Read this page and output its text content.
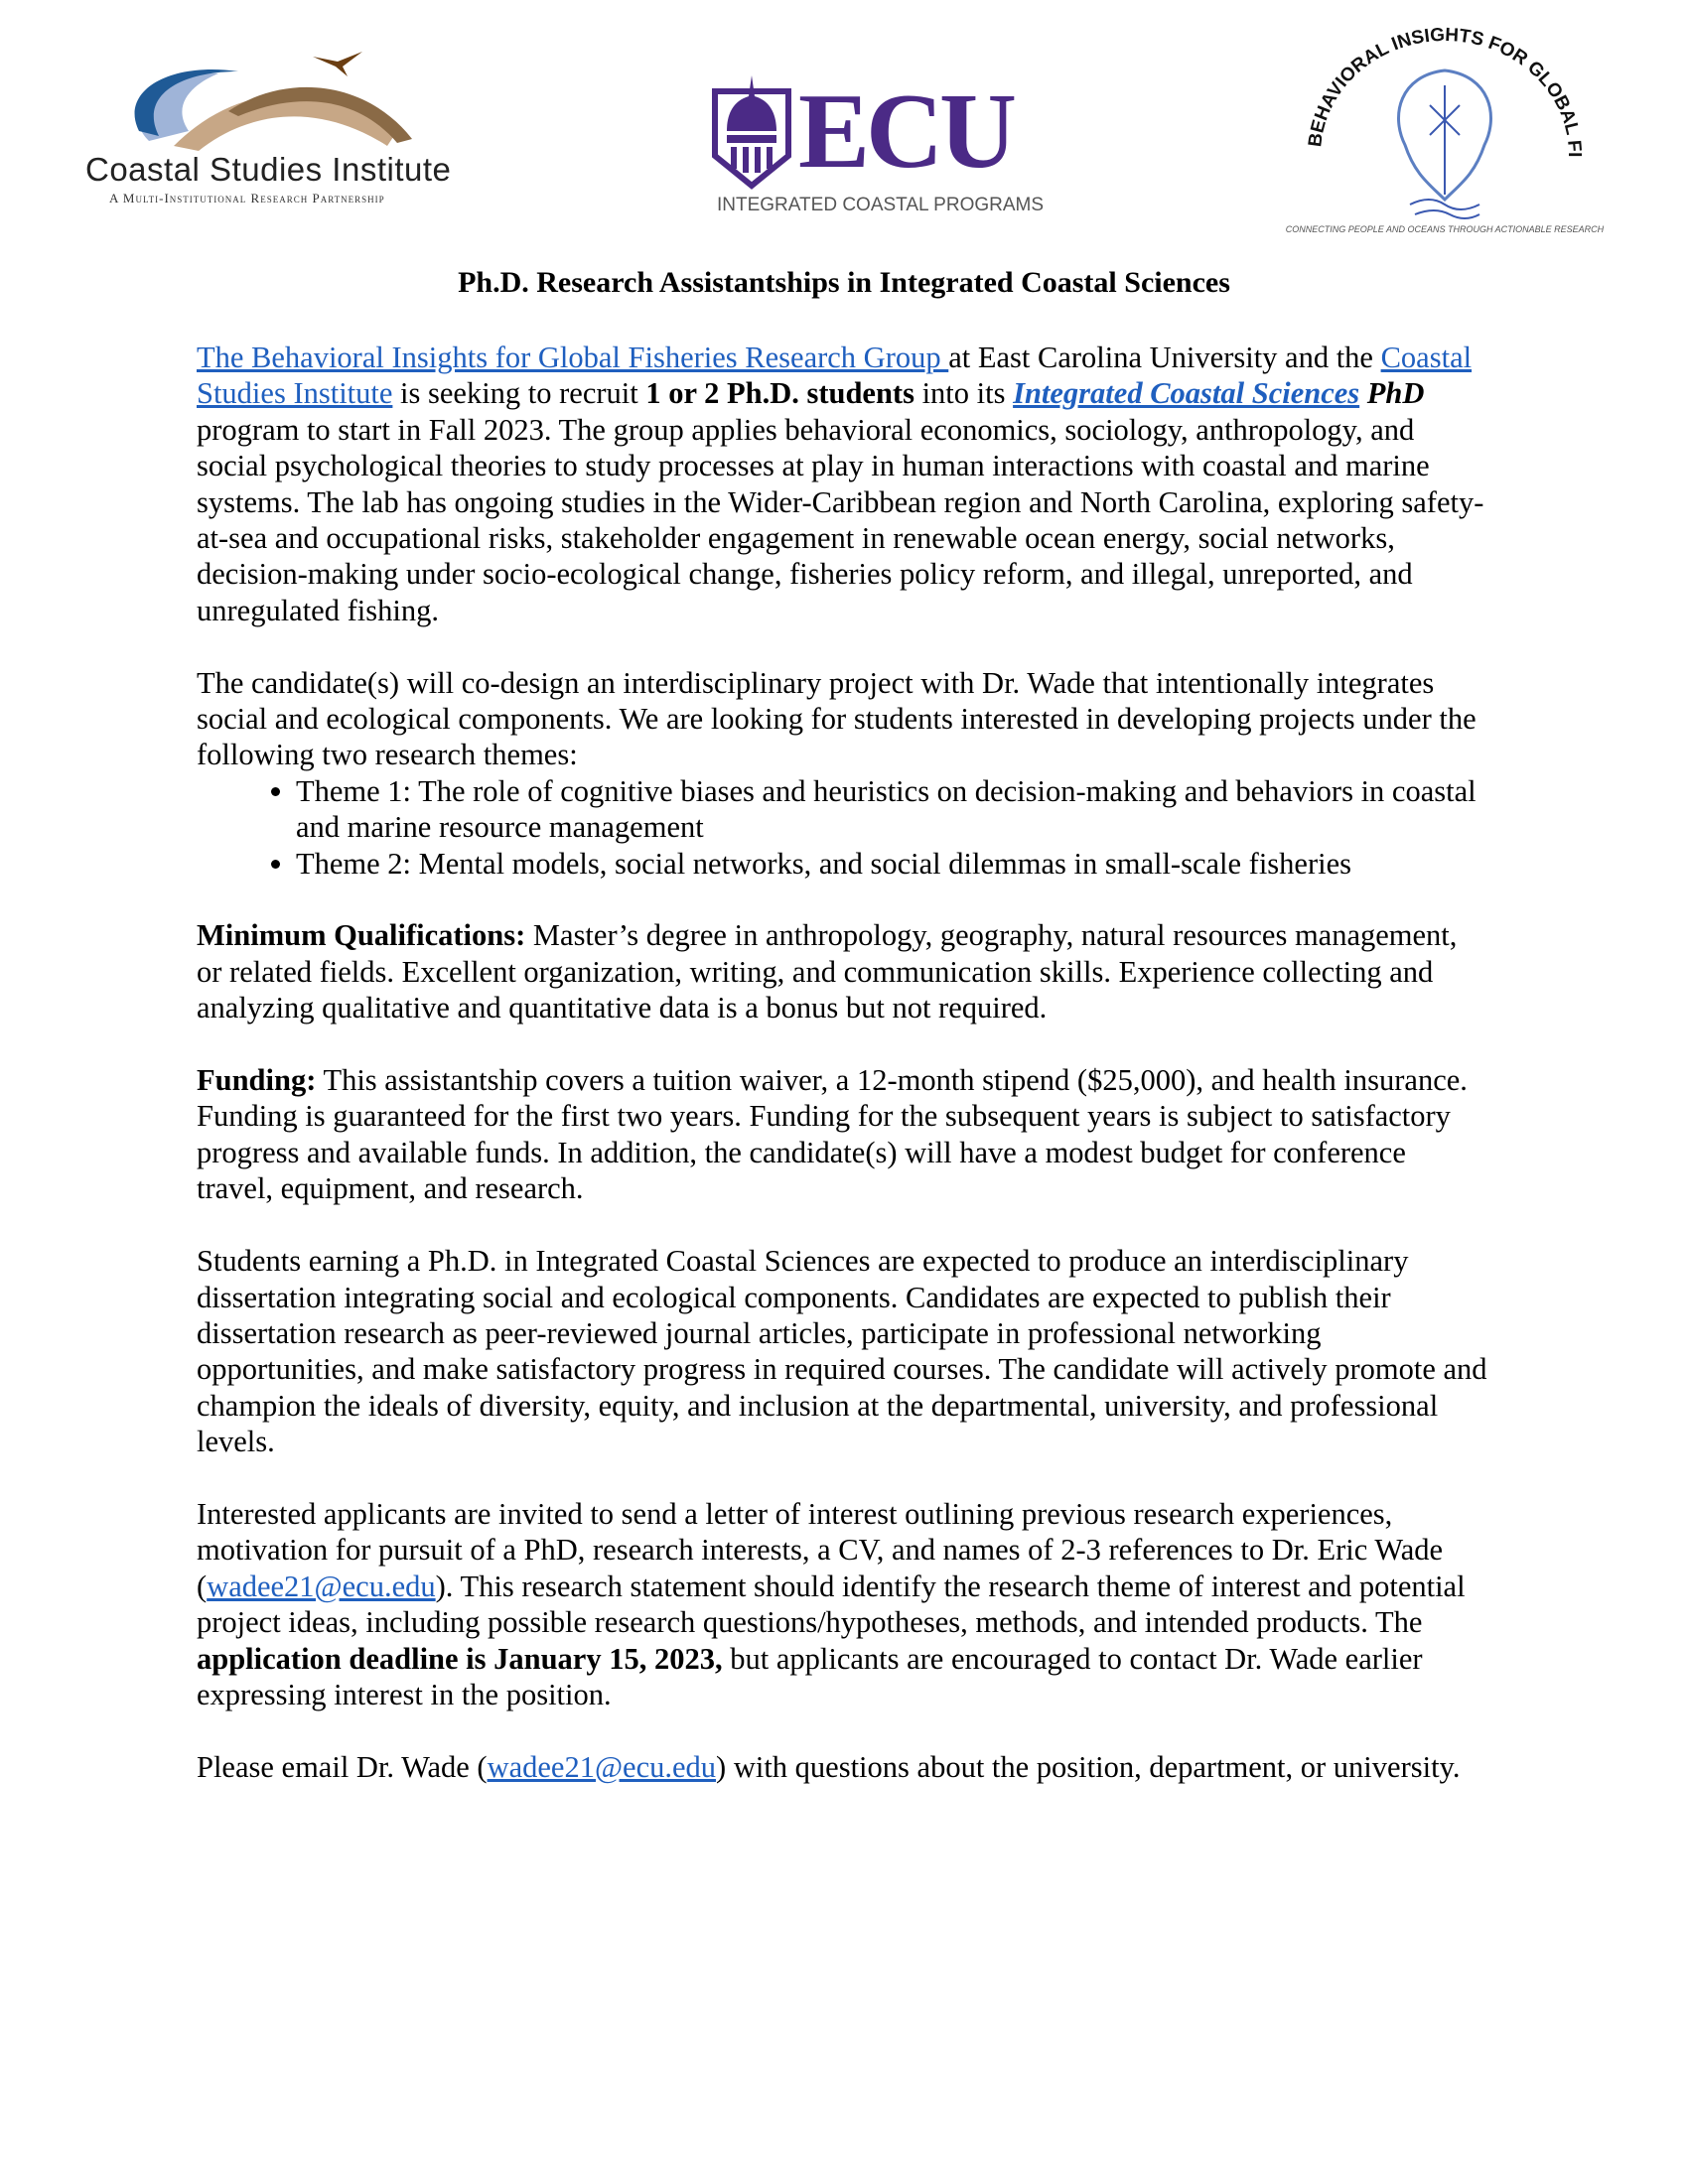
Coastal Studies Institute
A Multi-Institutional Research Partnership
ECU
INTEGRATED COASTAL PROGRAMS
BEHAVIORAL INSIGHTS FOR GLOBAL FI
CONNECTING PEOPLE AND OCEANS THROUGH ACTIONABLE RESEARCH
Ph.D. Research Assistantships in Integrated Coastal Sciences

The Behavioral Insights for Global Fisheries Research Group at East Carolina University and the Coastal Studies Institute is seeking to recruit 1 or 2 Ph.D. students into its Integrated Coastal Sciences PhD program to start in Fall 2023. The group applies behavioral economics, sociology, anthropology, and social psychological theories to study processes at play in human interactions with coastal and marine systems. The lab has ongoing studies in the Wider-Caribbean region and North Carolina, exploring safety-at-sea and occupational risks, stakeholder engagement in renewable ocean energy, social networks, decision-making under socio-ecological change, fisheries policy reform, and illegal, unreported, and unregulated fishing.

The candidate(s) will co-design an interdisciplinary project with Dr. Wade that intentionally integrates social and ecological components. We are looking for students interested in developing projects under the following two research themes:

• Theme 1: The role of cognitive biases and heuristics on decision-making and behaviors in coastal and marine resource management
• Theme 2: Mental models, social networks, and social dilemmas in small-scale fisheries

Minimum Qualifications: Master’s degree in anthropology, geography, natural resources management, or related fields. Excellent organization, writing, and communication skills. Experience collecting and analyzing qualitative and quantitative data is a bonus but not required.

Funding: This assistantship covers a tuition waiver, a 12-month stipend ($25,000), and health insurance. Funding is guaranteed for the first two years. Funding for the subsequent years is subject to satisfactory progress and available funds. In addition, the candidate(s) will have a modest budget for conference travel, equipment, and research.

Students earning a Ph.D. in Integrated Coastal Sciences are expected to produce an interdisciplinary dissertation integrating social and ecological components. Candidates are expected to publish their dissertation research as peer-reviewed journal articles, participate in professional networking opportunities, and make satisfactory progress in required courses. The candidate will actively promote and champion the ideals of diversity, equity, and inclusion at the departmental, university, and professional levels.

Interested applicants are invited to send a letter of interest outlining previous research experiences, motivation for pursuit of a PhD, research interests, a CV, and names of 2-3 references to Dr. Eric Wade (wadee21@ecu.edu). This research statement should identify the research theme of interest and potential project ideas, including possible research questions/hypotheses, methods, and intended products. The application deadline is January 15, 2023, but applicants are encouraged to contact Dr. Wade earlier expressing interest in the position.

Please email Dr. Wade (wadee21@ecu.edu) with questions about the position, department, or university.
